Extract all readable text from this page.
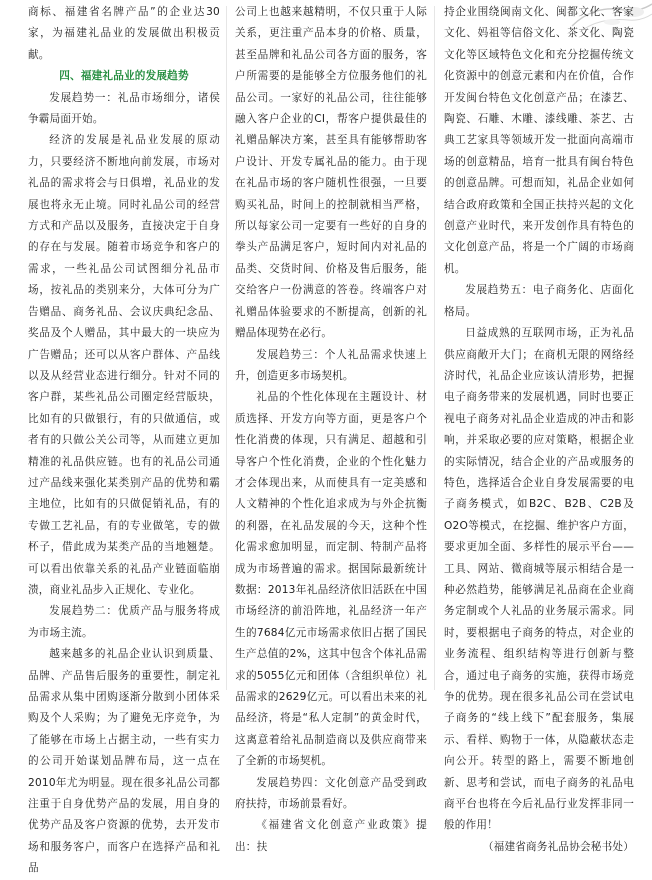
商标、福建省名牌产品”的企业达30家，为福建礼品业的发展做出积极贡献。

四、福建礼品业的发展趋势

发展趋势一：礼品市场细分，诸侯争霸局面开始。

经济的发展是礼品业发展的原动力，只要经济不断地向前发展，市场对礼品的需求将会与日俱增，礼品业的发展也将永无止境。同时礼品公司的经营方式和产品以及服务，直接决定于自身的存在与发展。随着市场竞争和客户的需求，一些礼品公司试图细分礼品市场，按礼品的类别来分，大体可分为广告赠品、商务礼品、会议庆典纪念品、奖品及个人赠品，其中最大的一块应为广告赠品；还可以从客户群体、产品线以及从经营业态进行细分。针对不同的客户群，某些礼品公司圈定经营版块，比如有的只做银行，有的只做通信，或者有的只做公关公司等，从而建立更加精准的礼品供应链。也有的礼品公司通过产品线来强化某类别产品的优势和霸主地位，比如有的只做促销礼品，有的专做工艺礼品，有的专业做笔，专的做杯子，借此成为某类产品的当地翘楚。可以看出依靠关系的礼品产业链面临崩溃，商业礼品步入正规化、专业化。

发展趋势二：优质产品与服务将成为市场主流。

越来越多的礼品企业认识到质量、品牌、产品售后服务的重要性，制定礼品需求从集中团购逐渐分散到小团体采购及个人采购；为了避免无序竞争，为了能够在市场上占据主动，一些有实力的公司开始谋划品牌布局，这一点在2010年尤为明显。现在很多礼品公司都注重于自身优势产品的发展，用自身的优势产品及客户资源的优势，去开发市场和服务客户，而客户在选择产品和礼品

公司上也越来越精明，不仅只重于人际关系，更注重产品本身的价格、质量，甚至品牌和礼品公司各方面的服务，客户所需要的是能够全方位服务他们的礼品公司。一家好的礼品公司，往往能够融入客户企业的CI，帮客户提供最佳的礼赠品解决方案，甚至具有能够帮助客户设计、开发专属礼品的能力。由于现在礼品市场的客户随机性很强，一旦要购买礼品，时间上的控制就相当严格，所以每家公司一定要有一些好的自身的拳头产品满足客户，短时间内对礼品的品类、交货时间、价格及售后服务，能交给客户一份满意的答卷。终端客户对礼赠品体验要求的不断提高，创新的礼赠品体现势在必行。

发展趋势三：个人礼品需求快速上升，创造更多市场契机。

礼品的个性化体现在主题设计、材质选择、开发方向等方面，更是客户个性化消费的体现，只有满足、超越和引导客户个性化消费，企业的个性化魅力才会体现出来，从而使具有一定美感和人文精神的个性化追求成为与外企抗衡的利器，在礼品发展的今天，这种个性化需求愈加明显，而定制、特制产品将成为市场普遍的需求。据国际最新统计数据：2013年礼品经济依旧活跃在中国市场经济的前沿阵地，礼品经济一年产生的7684亿元市场需求依旧占据了国民生产总值的2%，这其中包含个体礼品需求的5055亿元和团体（含组织单位）礼品需求的2629亿元。可以看出未来的礼品经济，将是“私人定制”的黄金时代，这离意着给礼品制造商以及供应商带来了全新的市场契机。

发展趋势四：文化创意产品受到政府扶持，市场前景看好。

《福建省文化创意产业政策》提出：扶

持企业围绕闽南文化、闽都文化、客家文化、妈祖等信俗文化、茶文化、陶瓷文化等区域特色文化和充分挖掘传统文化资源中的创意元素和内在价值，合作开发闽台特色文化创意产品；在漆艺、陶瓷、石雕、木雕、漆线雕、茶艺、古典工艺家具等领域开发一批面向高端市场的创意精品，培育一批具有闽台特色的创意品牌。可想而知，礼品企业如何结合政府政策和全国正扶持兴起的文化创意产业时代，来开发创作具有特色的文化创意产品，将是一个广阔的市场商机。

发展趋势五：电子商务化、店面化格局。

日益成熟的互联网市场，正为礼品供应商敞开大门；在商机无限的网络经济时代，礼品企业应该认清形势，把握电子商务带来的发展机遇，同时也要正视电子商务对礼品企业造成的冲击和影响，并采取必要的应对策略，根据企业的实际情况，结合企业的产品或服务的特色，选择适合企业自身发展需要的电子商务模式，如B2C、B2B、C2B及O2O等模式，在挖掘、维护客户方面，要求更加全面、多样性的展示平台——工具、网站、微商城等展示相结合是一种必然趋势，能够满足礼品商在企业商务定制或个人礼品的业务展示需求。同时，要根据电子商务的特点，对企业的业务流程、组织结构等进行创新与整合，通过电子商务的实施，获得市场竞争的优势。现在很多礼品公司在尝试电子商务的“线上线下”配套服务，集展示、看样、购物于一体，从隐蔽状态走向公开。转型的路上，需要不断地创新、思考和尝试，而电子商务的礼品电商平台也将在今后礼品行业发挥非同一般的作用！

（福建省商务礼品协会秘书处）
